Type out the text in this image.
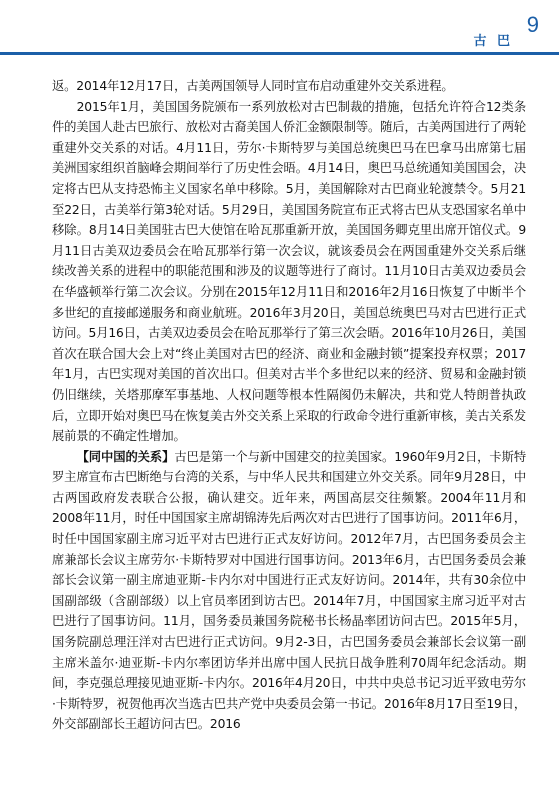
古 巴
9

返。2014年12月17日，古美两国领导人同时宣布启动重建外交关系进程。

2015年1月，美国国务院颁布一系列放松对古巴制裁的措施，包括允许符合12类条件的美国人赴古巴旅行、放松对古裔美国人侨汇金额限制等。随后，古美两国进行了两轮重建外交关系的对话。4月11日，劳尔·卡斯特罗与美国总统奥巴马在巴拿马出席第七届美洲国家组织首脑峰会期间举行了历史性会晤。4月14日，奥巴马总统通知美国国会，决定将古巴从支持恐怖主义国家名单中移除。5月，美国解除对古巴商业轮渡禁令。5月21至22日，古美举行第3轮对话。5月29日，美国国务院宣布正式将古巴从支恐国家名单中移除。8月14日美国驻古巴大使馆在哈瓦那重新开放，美国国务卿克里出席开馆仪式。9月11日古美双边委员会在哈瓦那举行第一次会议，就该委员会在两国重建外交关系后继续改善关系的进程中的职能范围和涉及的议题等进行了商讨。11月10日古美双边委员会在华盛顿举行第二次会议。分别在2015年12月11日和2016年2月16日恢复了中断半个多世纪的直接邮递服务和商业航班。2016年3月20日，美国总统奥巴马对古巴进行正式访问。5月16日，古美双边委员会在哈瓦那举行了第三次会晤。2016年10月26日，美国首次在联合国大会上对“终止美国对古巴的经济、商业和金融封锁”提案投弃权票；2017年1月，古巴实现对美国的首次出口。但美对古半个多世纪以来的经济、贸易和金融封锁仍旧继续，关塔那摩军事基地、人权问题等根本性隔阂仍未解决，共和党人特朗普执政后，立即开始对奥巴马在恢复美古外交关系上采取的行政命令进行重新审核，美古关系发展前景的不确定性增加。

【同中国的关系】古巴是第一个与新中国建交的拉美国家。1960年9月2日，卡斯特罗主席宣布古巴断绝与台湾的关系，与中华人民共和国建立外交关系。同年9月28日，中古两国政府发表联合公报，确认建交。近年来，两国高层交往频繁。2004年11月和2008年11月，时任中国国家主席胡锦涛先后两次对古巴进行了国事访问。2011年6月，时任中国国家副主席习近平对古巴进行正式友好访问。2012年7月，古巴国务委员会主席兼部长会议主席劳尔·卡斯特罗对中国进行国事访问。2013年6月，古巴国务委员会兼部长会议第一副主席迪亚斯-卡内尔对中国进行正式友好访问。2014年，共有30余位中国副部级（含副部级）以上官员率团到访古巴。2014年7月，中国国家主席习近平对古巴进行了国事访问。11月，国务委员兼国务院秘书长杨晶率团访问古巴。2015年5月，国务院副总理汪洋对古巴进行正式访问。9月2-3日，古巴国务委员会兼部长会议第一副主席米盖尔·迪亚斯-卡内尔率团访华并出席中国人民抗日战争胜利70周年纪念活动。期间，李克强总理接见迪亚斯-卡内尔。2016年4月20日，中共中央总书记习近平致电劳尔·卡斯特罗，祝贺他再次当选古巴共产党中央委员会第一书记。2016年8月17日至19日，外交部副部长王超访问古巴。2016
